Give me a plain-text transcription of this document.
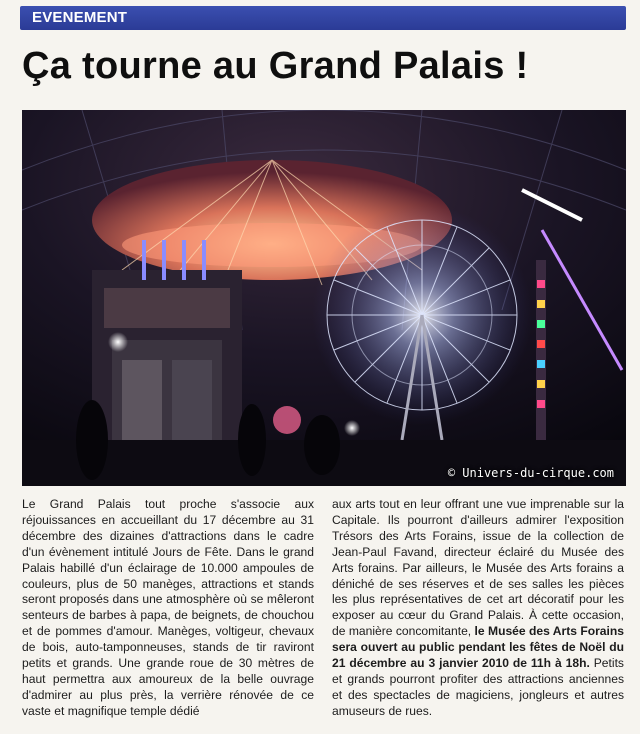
EVENEMENT
Ça tourne au Grand Palais !
© Univers-du-cirque.com

Le Grand Palais tout proche s'associe aux réjouissances en accueillant du 17 décembre au 31 décembre des dizaines d'attractions dans le cadre d'un évènement intitulé Jours de Fête. Dans le grand Palais habillé d'un éclairage de 10.000 ampoules de couleurs, plus de 50 manèges, attractions et stands seront proposés dans une atmosphère où se mêleront senteurs de barbes à papa, de beignets, de chouchou et de pommes d'amour. Manèges, voltigeur, chevaux de bois, auto-tamponneuses, stands de tir raviront petits et grands. Une grande roue de 30 mètres de haut permettra aux amoureux de la belle ouvrage d'admirer au plus près, la verrière rénovée de ce vaste et magnifique temple dédié

aux arts tout en leur offrant une vue imprenable sur la Capitale. Ils pourront d'ailleurs admirer l'exposition Trésors des Arts Forains, issue de la collection de Jean-Paul Favand, directeur éclairé du Musée des Arts forains. Par ailleurs, le Musée des Arts forains a déniché de ses réserves et de ses salles les pièces les plus représentatives de cet art décoratif pour les exposer au cœur du Grand Palais. À cette occasion, de manière concomitante, le Musée des Arts Forains sera ouvert au public pendant les fêtes de Noël du 21 décembre au 3 janvier 2010 de 11h à 18h. Petits et grands pourront profiter des attractions anciennes et des spectacles de magiciens, jongleurs et autres amuseurs de rues.
